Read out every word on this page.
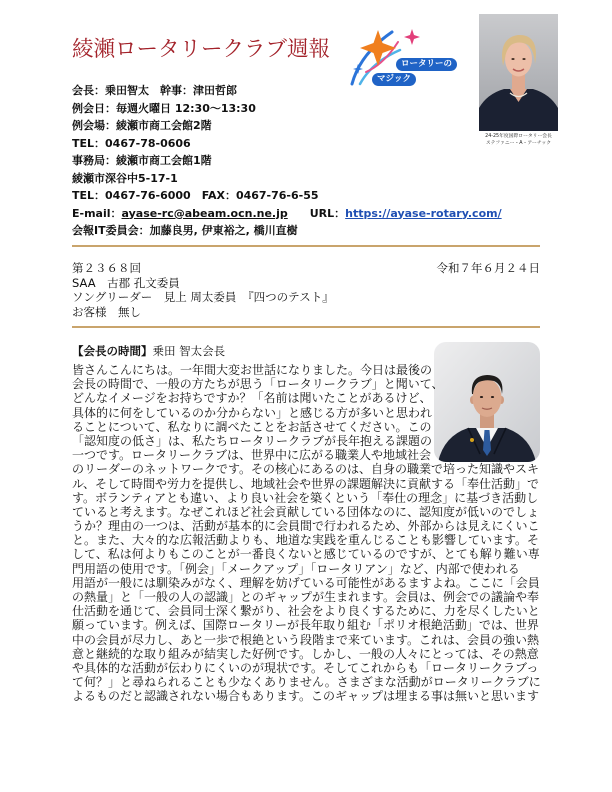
綾瀬ロータリークラブ週報
ロータリーの
マジック
24-25年度国際ロータリー会長
ステファニー・A・アーチック
会長：乗田智太　幹事：津田哲郎
例会日：毎週火曜日 12:30～13:30
例会場：綾瀬市商工会館2階
TEL：0467-78-0606
事務局：綾瀬市商工会館1階
綾瀬市深谷中5-17-1
TEL：0467-76-6000　FAX：0467-76-6-55
E-mail：ayase-rc@abeam.ocn.ne.jp URL：https://ayase-rotary.com/
会報IT委員会：加藤良男, 伊東裕之, 橋川直樹
第２３６８回	令和７年６月２４日
SAA　古郡 孔文委員
ソングリーダー　見上 周太委員　『四つのテスト』
お客様　無し
【会長の時間】乗田 智太会長
皆さんこんにちは。一年間大変お世話になりました。今日は最後の
会長の時間で、一般の方たちが思う「ロータリークラブ」と聞いて、
どんなイメージをお持ちですか？「名前は聞いたことがあるけど、
具体的に何をしているのか分からない」と感じる方が多いと思われ
ることについて、私なりに調べたことをお話させてください。この
「認知度の低さ」は、私たちロータリークラブが長年抱える課題の
一つです。ロータリークラブは、世界中に広がる職業人や地域社会
のリーダーのネットワークです。その核心にあるのは、自身の職業で培った知識やスキ
ル、そして時間や労力を提供し、地域社会や世界の課題解決に貢献する「奉仕活動」で
す。ボランティアとも違い、より良い社会を築くという「奉仕の理念」に基づき活動し
ていると考えます。なぜこれほど社会貢献している団体なのに、認知度が低いのでしょ
うか？理由の一つは、活動が基本的に会員間で行われるため、外部からは見えにくいこ
と。また、大々的な広報活動よりも、地道な実践を重んじることも影響しています。そ
して、私は何よりもこのことが一番良くないと感じているのですが、とても解り難い専
門用語の使用です。「例会」「メークアップ」「ロータリアン」など、内部で使われる
用語が一般には馴染みがなく、理解を妨げている可能性があるますよね。ここに「会員
の熱量」と「一般の人の認識」とのギャップが生まれます。会員は、例会での議論や奉
仕活動を通じて、会員同士深く繋がり、社会をより良くするために、力を尽くしたいと
願っています。例えば、国際ロータリーが長年取り組む「ポリオ根絶活動」では、世界
中の会員が尽力し、あと一歩で根絶という段階まで来ています。これは、会員の強い熱
意と継続的な取り組みが結実した好例です。しかし、一般の人々にとっては、その熱意
や具体的な活動が伝わりにくいのが現状です。そしてこれからも「ロータリークラブっ
て何？」と尋ねられることも少なくありません。さまざまな活動がロータリークラブに
よるものだと認識されない場合もあります。このギャップは埋まる事は無いと思います
